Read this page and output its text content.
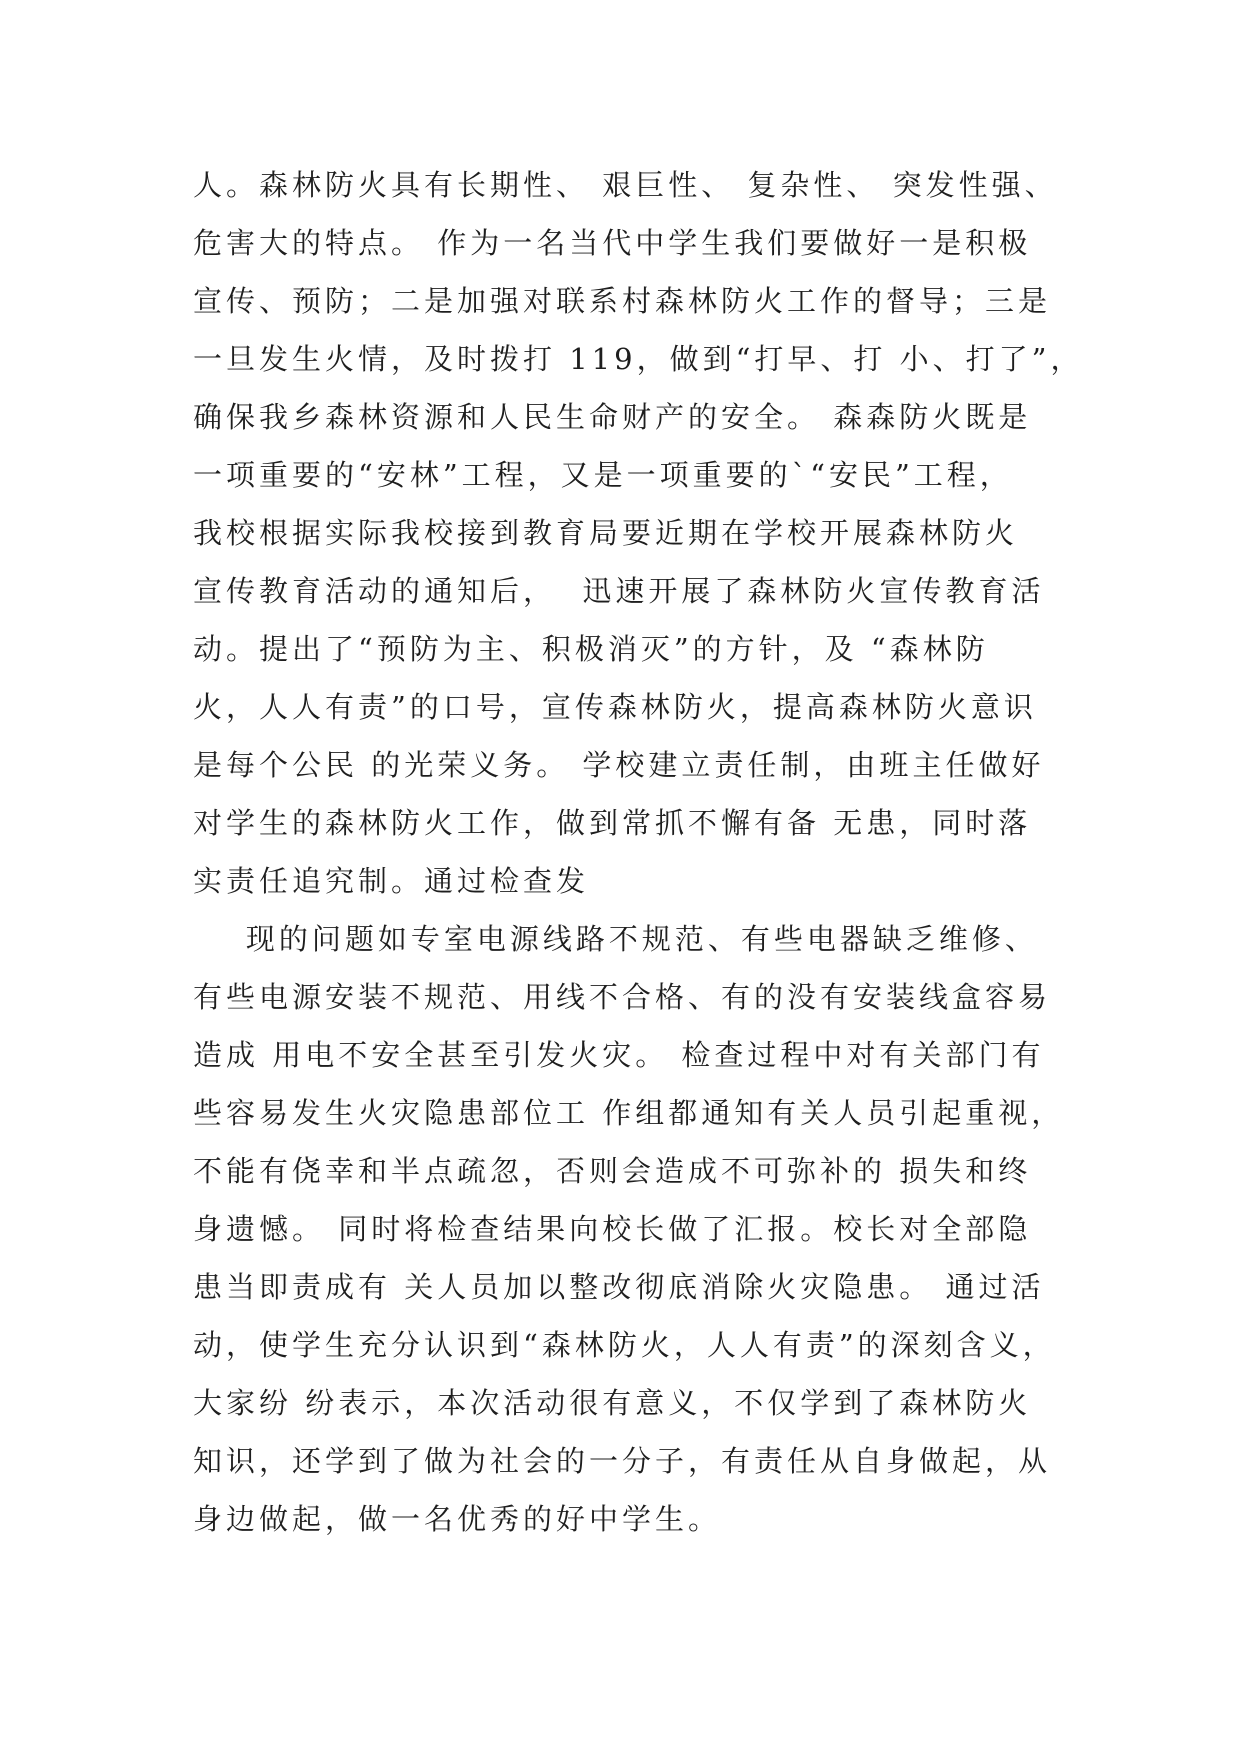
人。森林防火具有长期性、 艰巨性、 复杂性、 突发性强、
危害大的特点。 作为一名当代中学生我们要做好一是积极
宣传、预防；二是加强对联系村森林防火工作的督导；三是
一旦发生火情，及时拨打 119，做到“打早、打 小、打了”，
确保我乡森林资源和人民生命财产的安全。 森森防火既是
一项重要的“安林”工程，又是一项重要的`“安民”工程，
我校根据实际我校接到教育局要近期在学校开展森林防火
宣传教育活动的通知后，  迅速开展了森林防火宣传教育活
动。提出了“预防为主、积极消灭”的方针，及 “森林防
火，人人有责”的口号，宣传森林防火，提高森林防火意识
是每个公民 的光荣义务。 学校建立责任制，由班主任做好
对学生的森林防火工作，做到常抓不懈有备 无患，同时落
实责任追究制。通过检查发
现的问题如专室电源线路不规范、有些电器缺乏维修、
有些电源安装不规范、用线不合格、有的没有安装线盒容易
造成 用电不安全甚至引发火灾。 检查过程中对有关部门有
些容易发生火灾隐患部位工 作组都通知有关人员引起重视，
不能有侥幸和半点疏忽，否则会造成不可弥补的 损失和终
身遗憾。 同时将检查结果向校长做了汇报。校长对全部隐
患当即责成有 关人员加以整改彻底消除火灾隐患。 通过活
动，使学生充分认识到“森林防火，人人有责”的深刻含义，
大家纷 纷表示，本次活动很有意义，不仅学到了森林防火
知识，还学到了做为社会的一分子，有责任从自身做起，从
身边做起，做一名优秀的好中学生。
